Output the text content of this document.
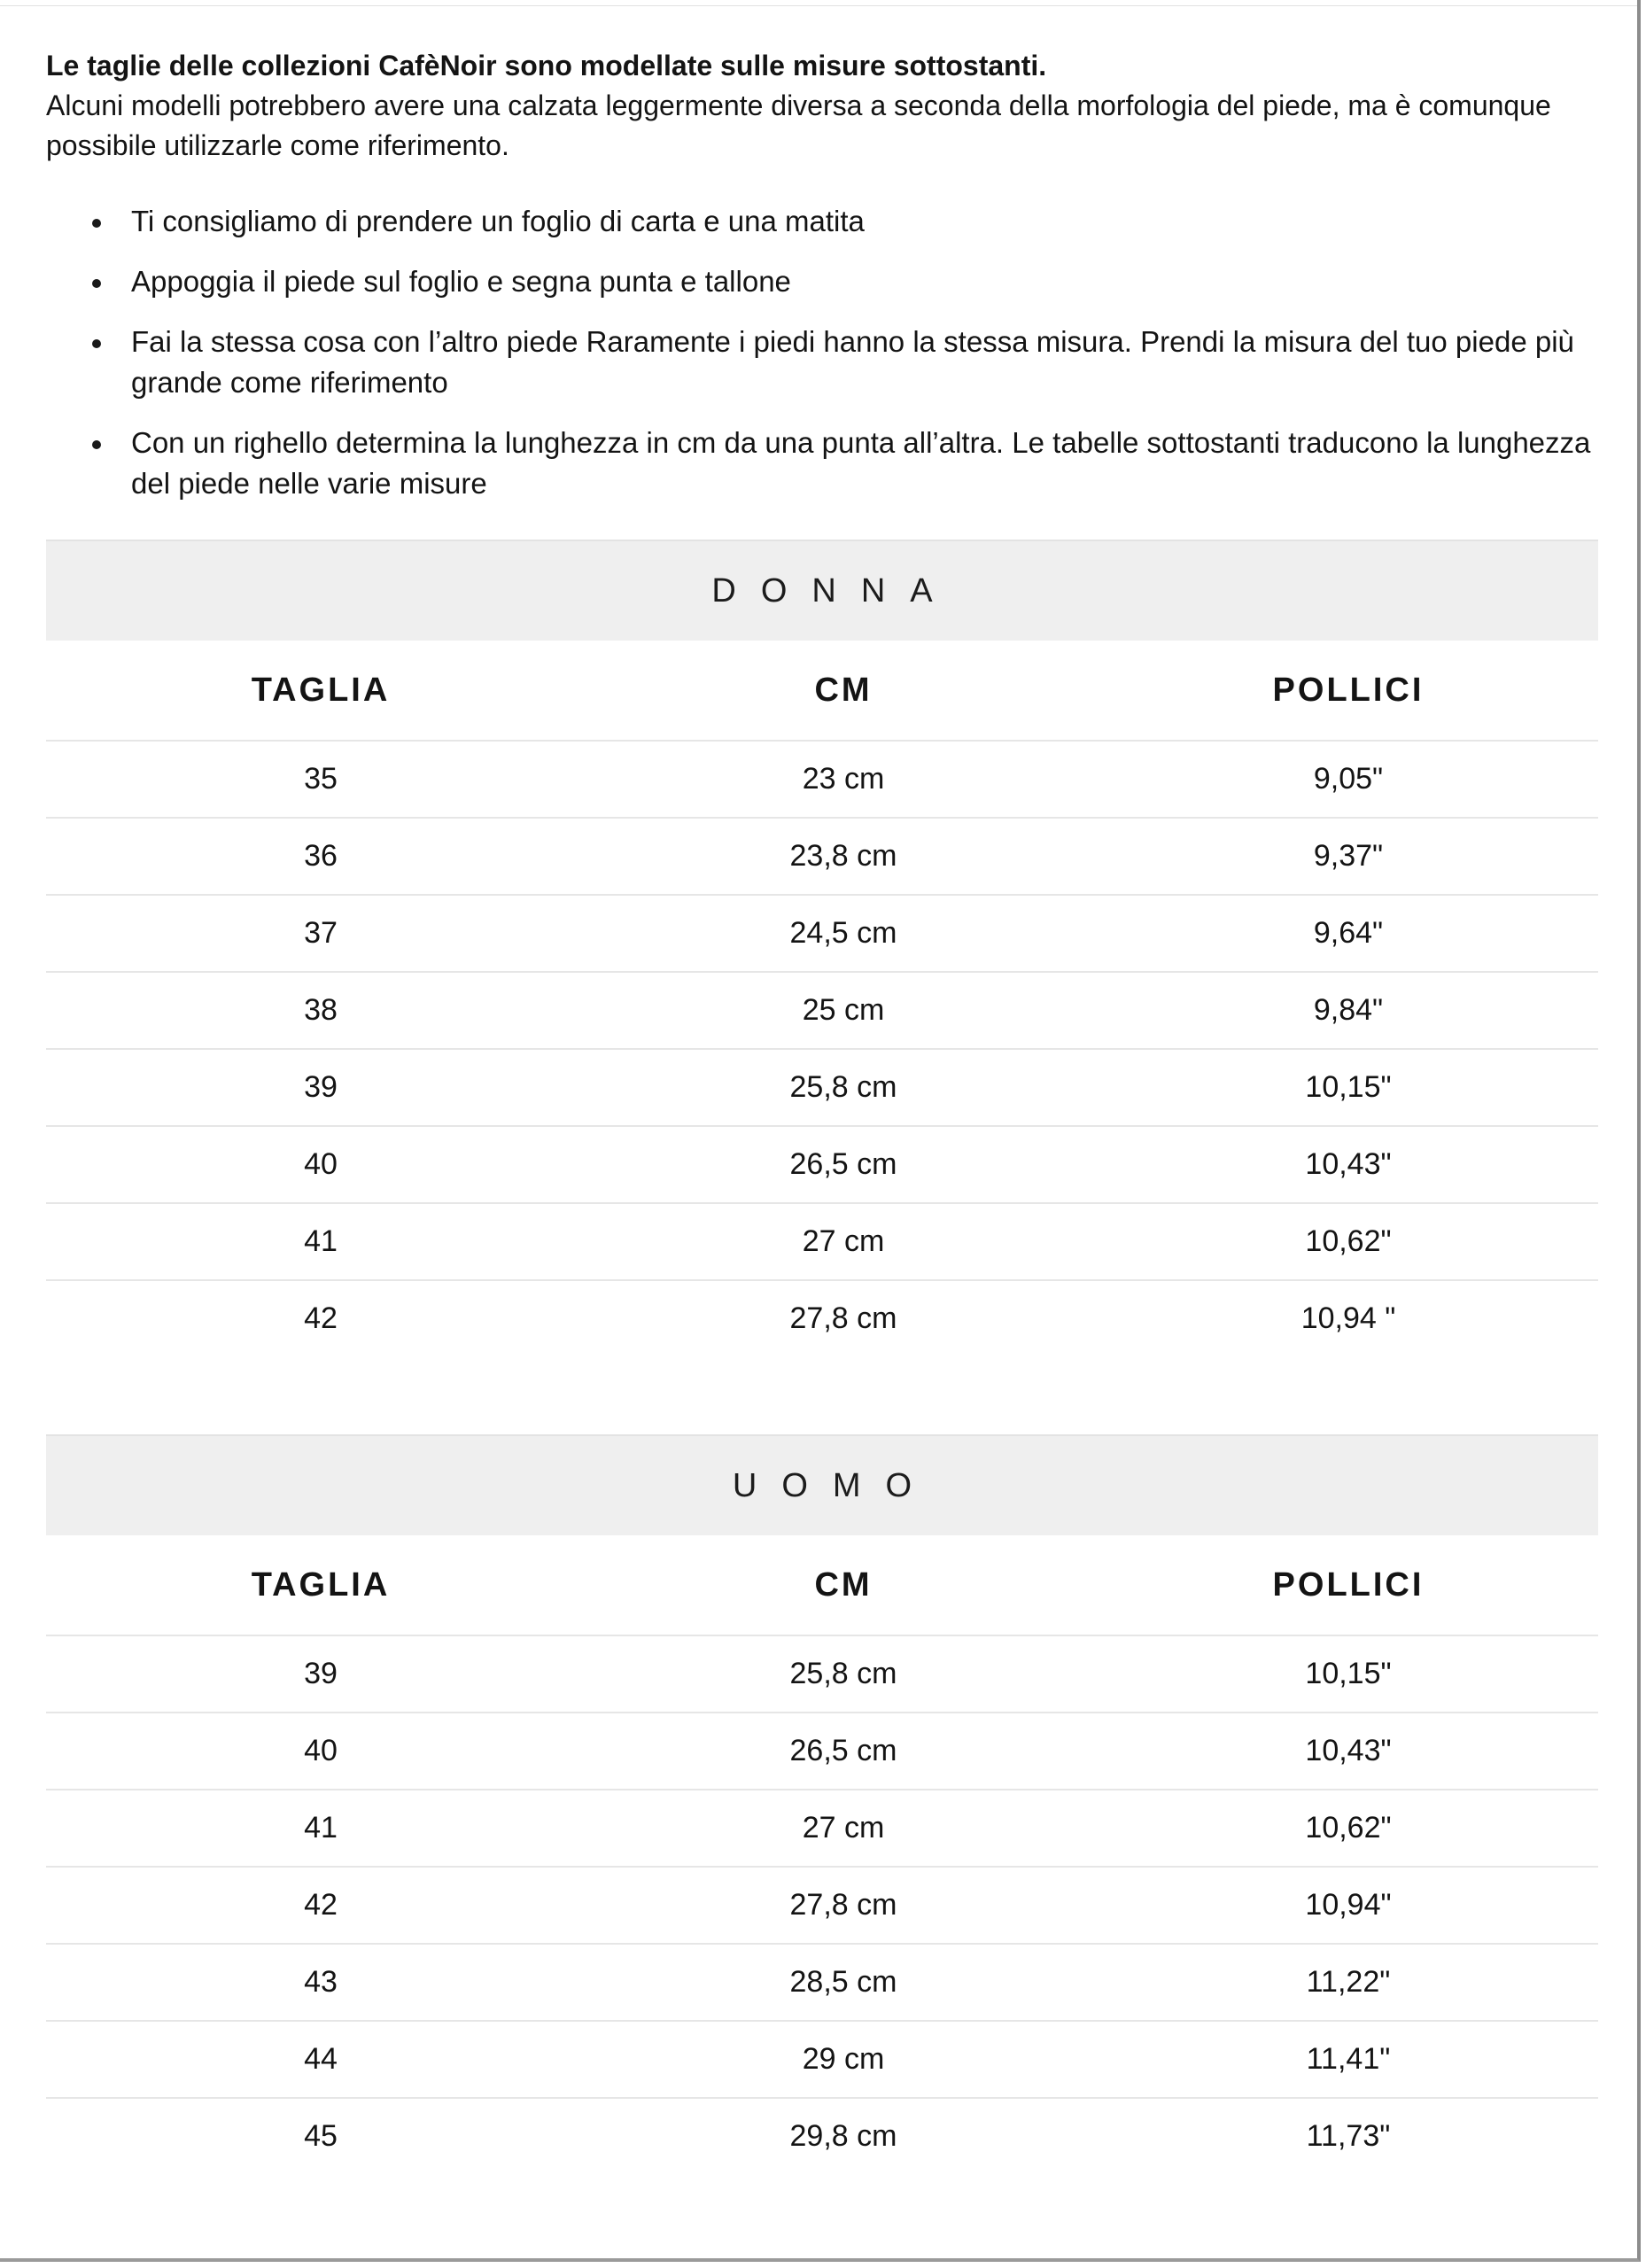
Le taglie delle collezioni CafèNoir sono modellate sulle misure sottostanti.
Alcuni modelli potrebbero avere una calzata leggermente diversa a seconda della morfologia del piede, ma è comunque possibile utilizzarle come riferimento.

Ti consigliamo di prendere un foglio di carta e una matita
Appoggia il piede sul foglio e segna punta e tallone
Fai la stessa cosa con l’altro piede Raramente i piedi hanno la stessa misura. Prendi la misura del tuo piede più grande come riferimento
Con un righello determina la lunghezza in cm da una punta all’altra. Le tabelle sottostanti traducono la lunghezza del piede nelle varie misure
DONNA
TAGLIA	CM	POLLICI
35	23 cm	9,05"
36	23,8 cm	9,37"
37	24,5 cm	9,64"
38	25 cm	9,84"
39	25,8 cm	10,15"
40	26,5 cm	10,43"
41	27 cm	10,62"
42	27,8 cm	10,94 "
UOMO
TAGLIA	CM	POLLICI
39	25,8 cm	10,15"
40	26,5 cm	10,43"
41	27 cm	10,62"
42	27,8 cm	10,94"
43	28,5 cm	11,22"
44	29 cm	11,41"
45	29,8 cm	11,73"
